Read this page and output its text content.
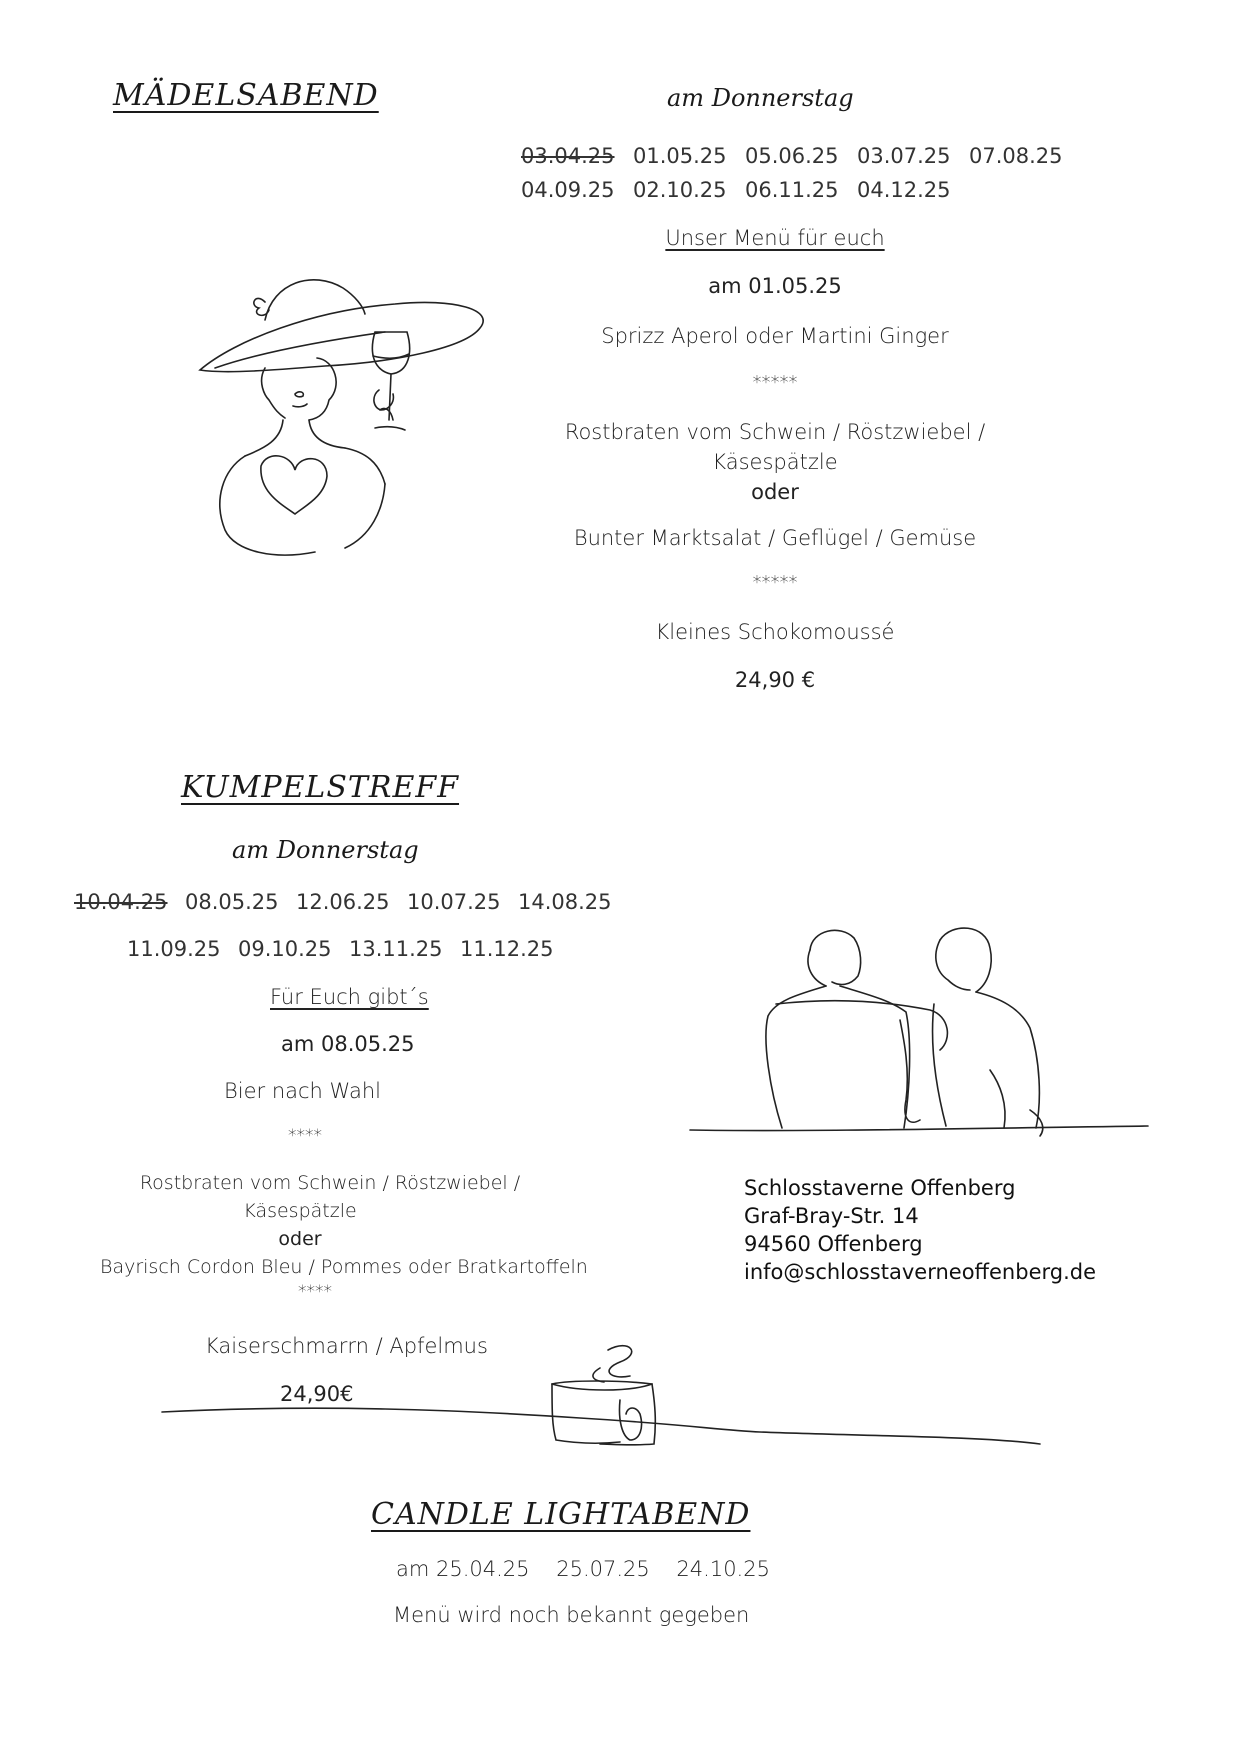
MÄDELSABEND	am Donnerstag
03.04.25 01.05.25 05.06.25 03.07.25 07.08.25
04.09.25 02.10.25 06.11.25 04.12.25
Unser Menü für euch
am 01.05.25
Sprizz Aperol oder Martini Ginger
*****
Rostbraten vom Schwein / Röstzwiebel /
Käsespätzle
oder
Bunter Marktsalat / Geflügel / Gemüse
*****
Kleines Schokomoussé
24,90 €
KUMPELSTREFF
am Donnerstag
10.04.25 08.05.25 12.06.25 10.07.25 14.08.25
11.09.25 09.10.25 13.11.25 11.12.25
Für Euch gibt´s
am 08.05.25
Bier nach Wahl
****
Rostbraten vom Schwein / Röstzwiebel /
Käsespätzle
oder
Bayrisch Cordon Bleu / Pommes oder Bratkartoffeln
****
Kaiserschmarrn / Apfelmus
24,90€
Schlosstaverne Offenberg
Graf-Bray-Str. 14
94560 Offenberg
info@schlosstaverneoffenberg.de
CANDLE LIGHTABEND
am 25.04.25    25.07.25    24.10.25
Menü wird noch bekannt gegeben
